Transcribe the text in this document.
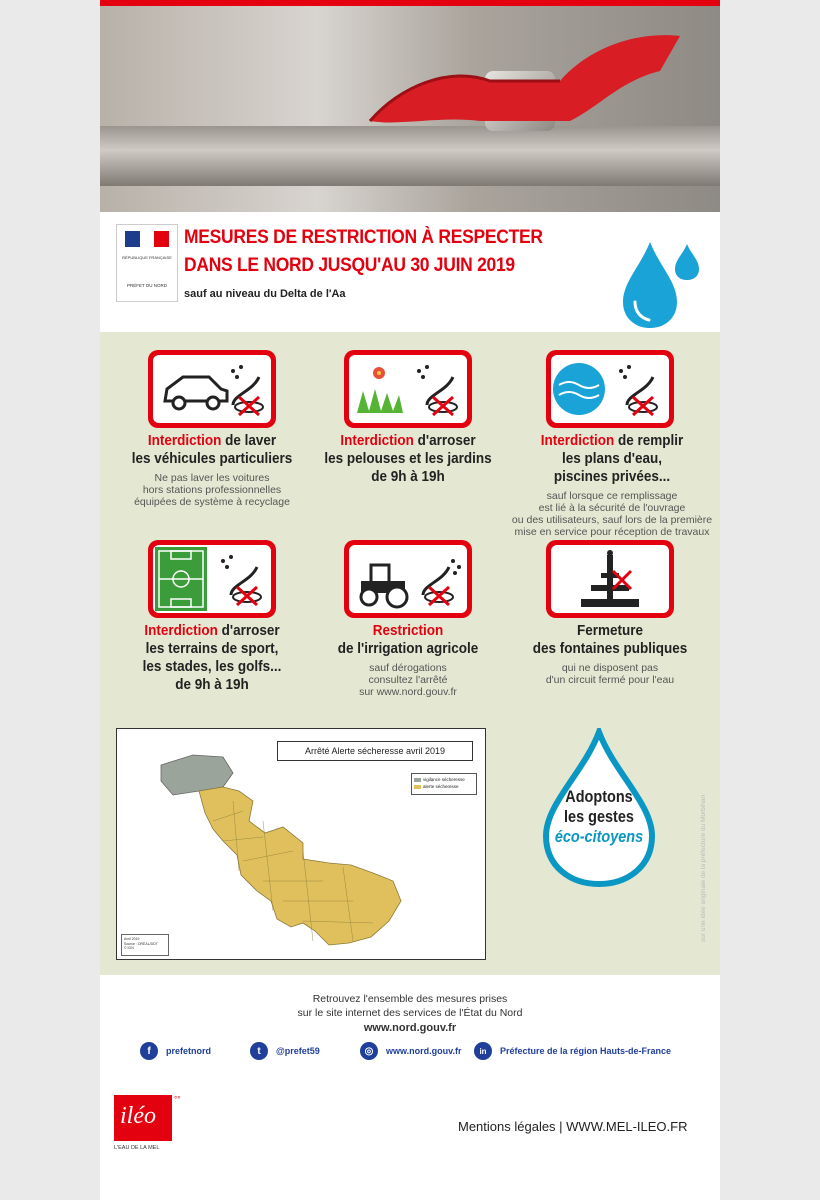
RÉPUBLIQUE FRANÇAISE
PRÉFET DU NORD
MESURES DE RESTRICTION À RESPECTER
DANS LE NORD JUSQU'AU 30 JUIN 2019
sauf au niveau du Delta de l'Aa
Interdiction de laver
les véhicules particuliers
Ne pas laver les voitures
hors stations professionnelles
équipées de système à recyclage
Interdiction d'arroser
les pelouses et les jardins
de 9h à 19h
Interdiction de remplir
les plans d'eau,
piscines privées...
sauf lorsque ce remplissage
est lié à la sécurité de l'ouvrage
ou des utilisateurs, sauf lors de la première
mise en service pour réception de travaux
Interdiction d'arroser
les terrains de sport,
les stades, les golfs...
de 9h à 19h
Restriction
de l'irrigation agricole
sauf dérogations
consultez l'arrêté
sur www.nord.gouv.fr
Fermeture
des fontaines publiques
qui ne disposent pas
d'un circuit fermé pour l'eau
Arrêté Alerte sécheresse avril 2019
vigilance sécheresse
alerte sécheresse
Avril 2019
Source : DREAL/DDT
© IGN
Adoptons
les gestes
éco-citoyens	sur une idée originale de la préfecture du Morbihan
Retrouvez l'ensemble des mesures prises
sur le site internet des services de l'État du Nord
www.nord.gouv.fr
f	prefetnord	t	@prefet59	◎	www.nord.gouv.fr	in	Préfecture de la région Hauts-de-France
iléo
°°
L'EAU DE LA MEL
Mentions légales | WWW.MEL-ILEO.FR
